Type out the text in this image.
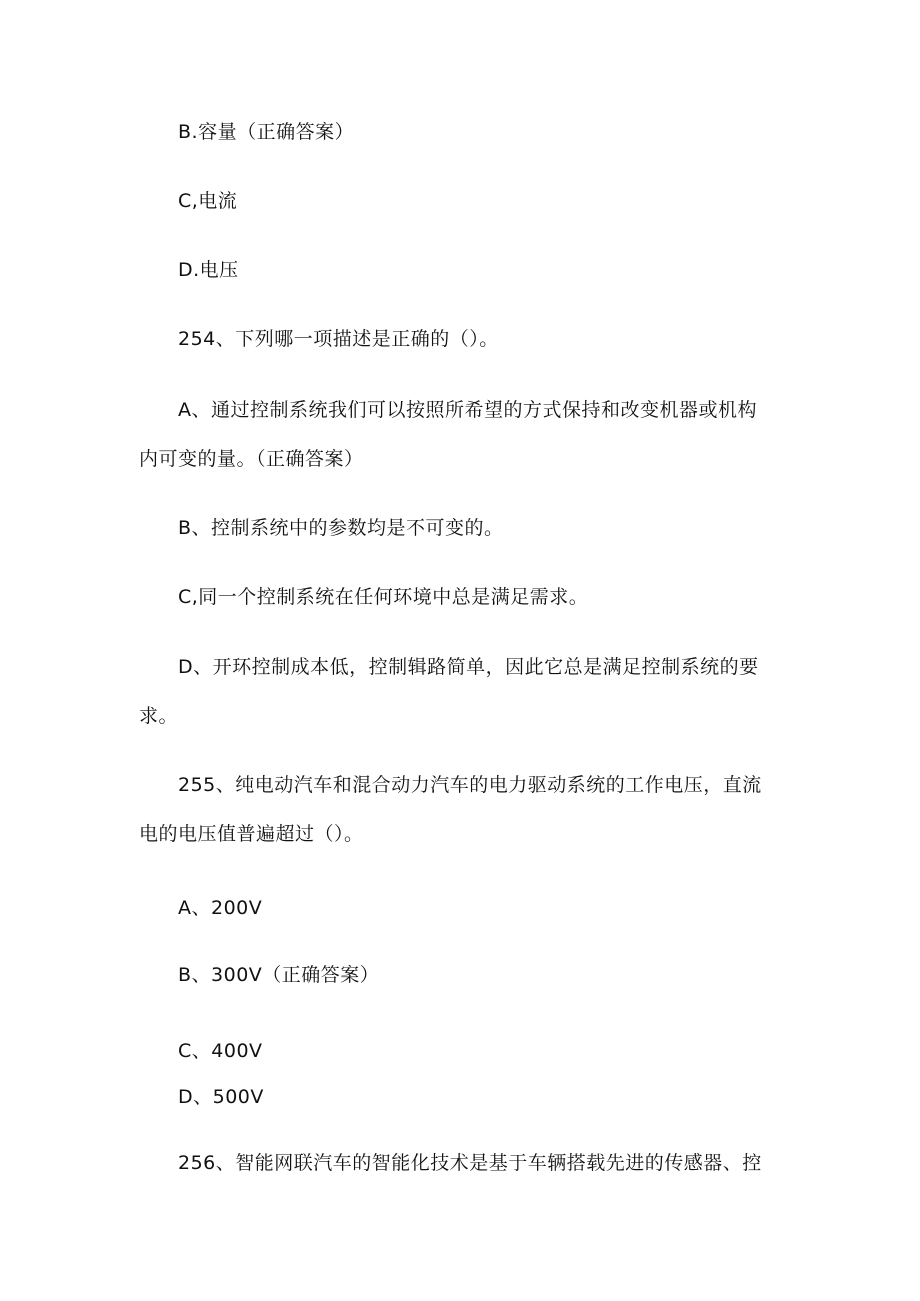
B.容量（正确答案）
C,电流
D.电压
254、下列哪一项描述是正确的（）。
A、通过控制系统我们可以按照所希望的方式保持和改变机器或机构
内可变的量。（正确答案）
B、控制系统中的参数均是不可变的。
C,同一个控制系统在任何环境中总是满足需求。
D、开环控制成本低，控制辑路简单，因此它总是满足控制系统的要
求。
255、纯电动汽车和混合动力汽车的电力驱动系统的工作电压，直流
电的电压值普遍超过（）。
A、200V
B、300V（正确答案）
C、400V
D、500V
256、智能网联汽车的智能化技术是基于车辆搭载先进的传感器、控
